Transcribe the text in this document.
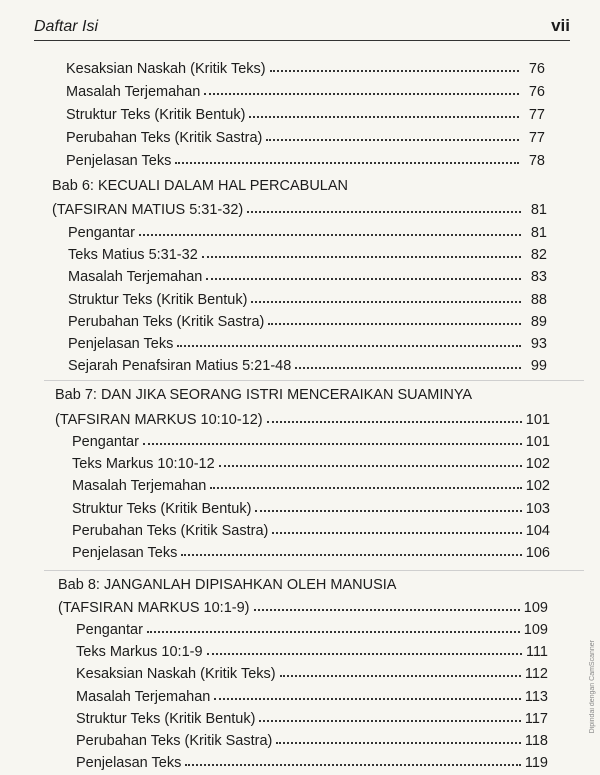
Daftar Isi	vii
Kesaksian Naskah (Kritik Teks)	76
Masalah Terjemahan	76
Struktur Teks (Kritik Bentuk)	77
Perubahan Teks (Kritik Sastra)	77
Penjelasan Teks	78
Bab 6: KECUALI DALAM HAL PERCABULAN
(TAFSIRAN MATIUS 5:31-32)	81
Pengantar	81
Teks Matius 5:31-32	82
Masalah Terjemahan	83
Struktur Teks (Kritik Bentuk)	88
Perubahan Teks (Kritik Sastra)	89
Penjelasan Teks	93
Sejarah Penafsiran Matius 5:21-48	99
Bab 7: DAN JIKA SEORANG ISTRI MENCERAIKAN SUAMINYA
(TAFSIRAN MARKUS 10:10-12)	101
Pengantar	101
Teks Markus 10:10-12	102
Masalah Terjemahan	102
Struktur Teks (Kritik Bentuk)	103
Perubahan Teks (Kritik Sastra)	104
Penjelasan Teks	106
Bab 8: JANGANLAH DIPISAHKAN OLEH MANUSIA
(TAFSIRAN MARKUS 10:1-9)	109
Pengantar	109
Teks Markus 10:1-9	111
Kesaksian Naskah (Kritik Teks)	112
Masalah Terjemahan	113
Struktur Teks (Kritik Bentuk)	117
Perubahan Teks (Kritik Sastra)	118
Penjelasan Teks	119
Dipindai dengan CamScanner
